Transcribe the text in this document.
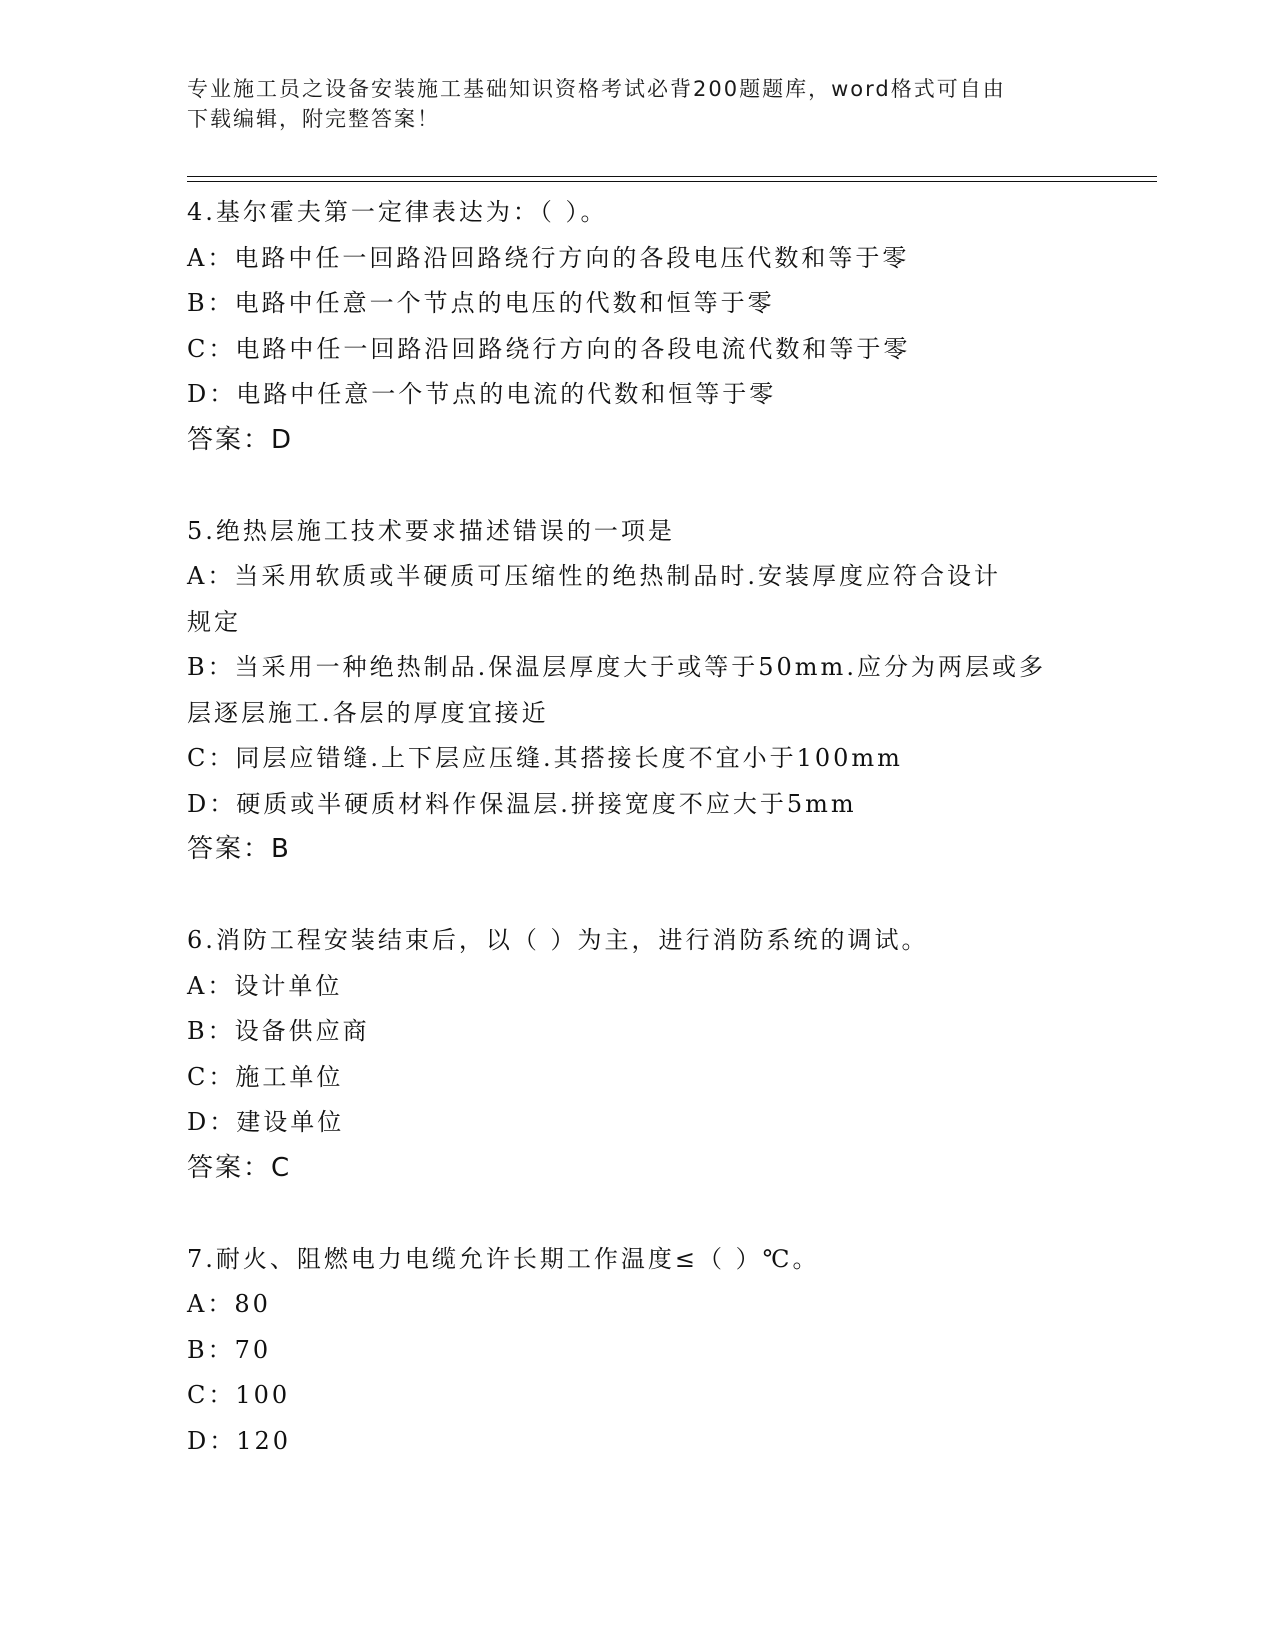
专业施工员之设备安装施工基础知识资格考试必背200题题库，word格式可自由
下载编辑，附完整答案！
4.基尔霍夫第一定律表达为：（ ）。
A：电路中任一回路沿回路绕行方向的各段电压代数和等于零
B：电路中任意一个节点的电压的代数和恒等于零
C：电路中任一回路沿回路绕行方向的各段电流代数和等于零
D：电路中任意一个节点的电流的代数和恒等于零
答案：D
5.绝热层施工技术要求描述错误的一项是
A：当采用软质或半硬质可压缩性的绝热制品时.安装厚度应符合设计
规定
B：当采用一种绝热制品.保温层厚度大于或等于50mm.应分为两层或多
层逐层施工.各层的厚度宜接近
C：同层应错缝.上下层应压缝.其搭接长度不宜小于100mm
D：硬质或半硬质材料作保温层.拼接宽度不应大于5mm
答案：B
6.消防工程安装结束后，以（ ）为主，进行消防系统的调试。
A：设计单位
B：设备供应商
C：施工单位
D：建设单位
答案：C
7.耐火、阻燃电力电缆允许长期工作温度≤（ ）℃。
A：80
B：70
C：100
D：120
